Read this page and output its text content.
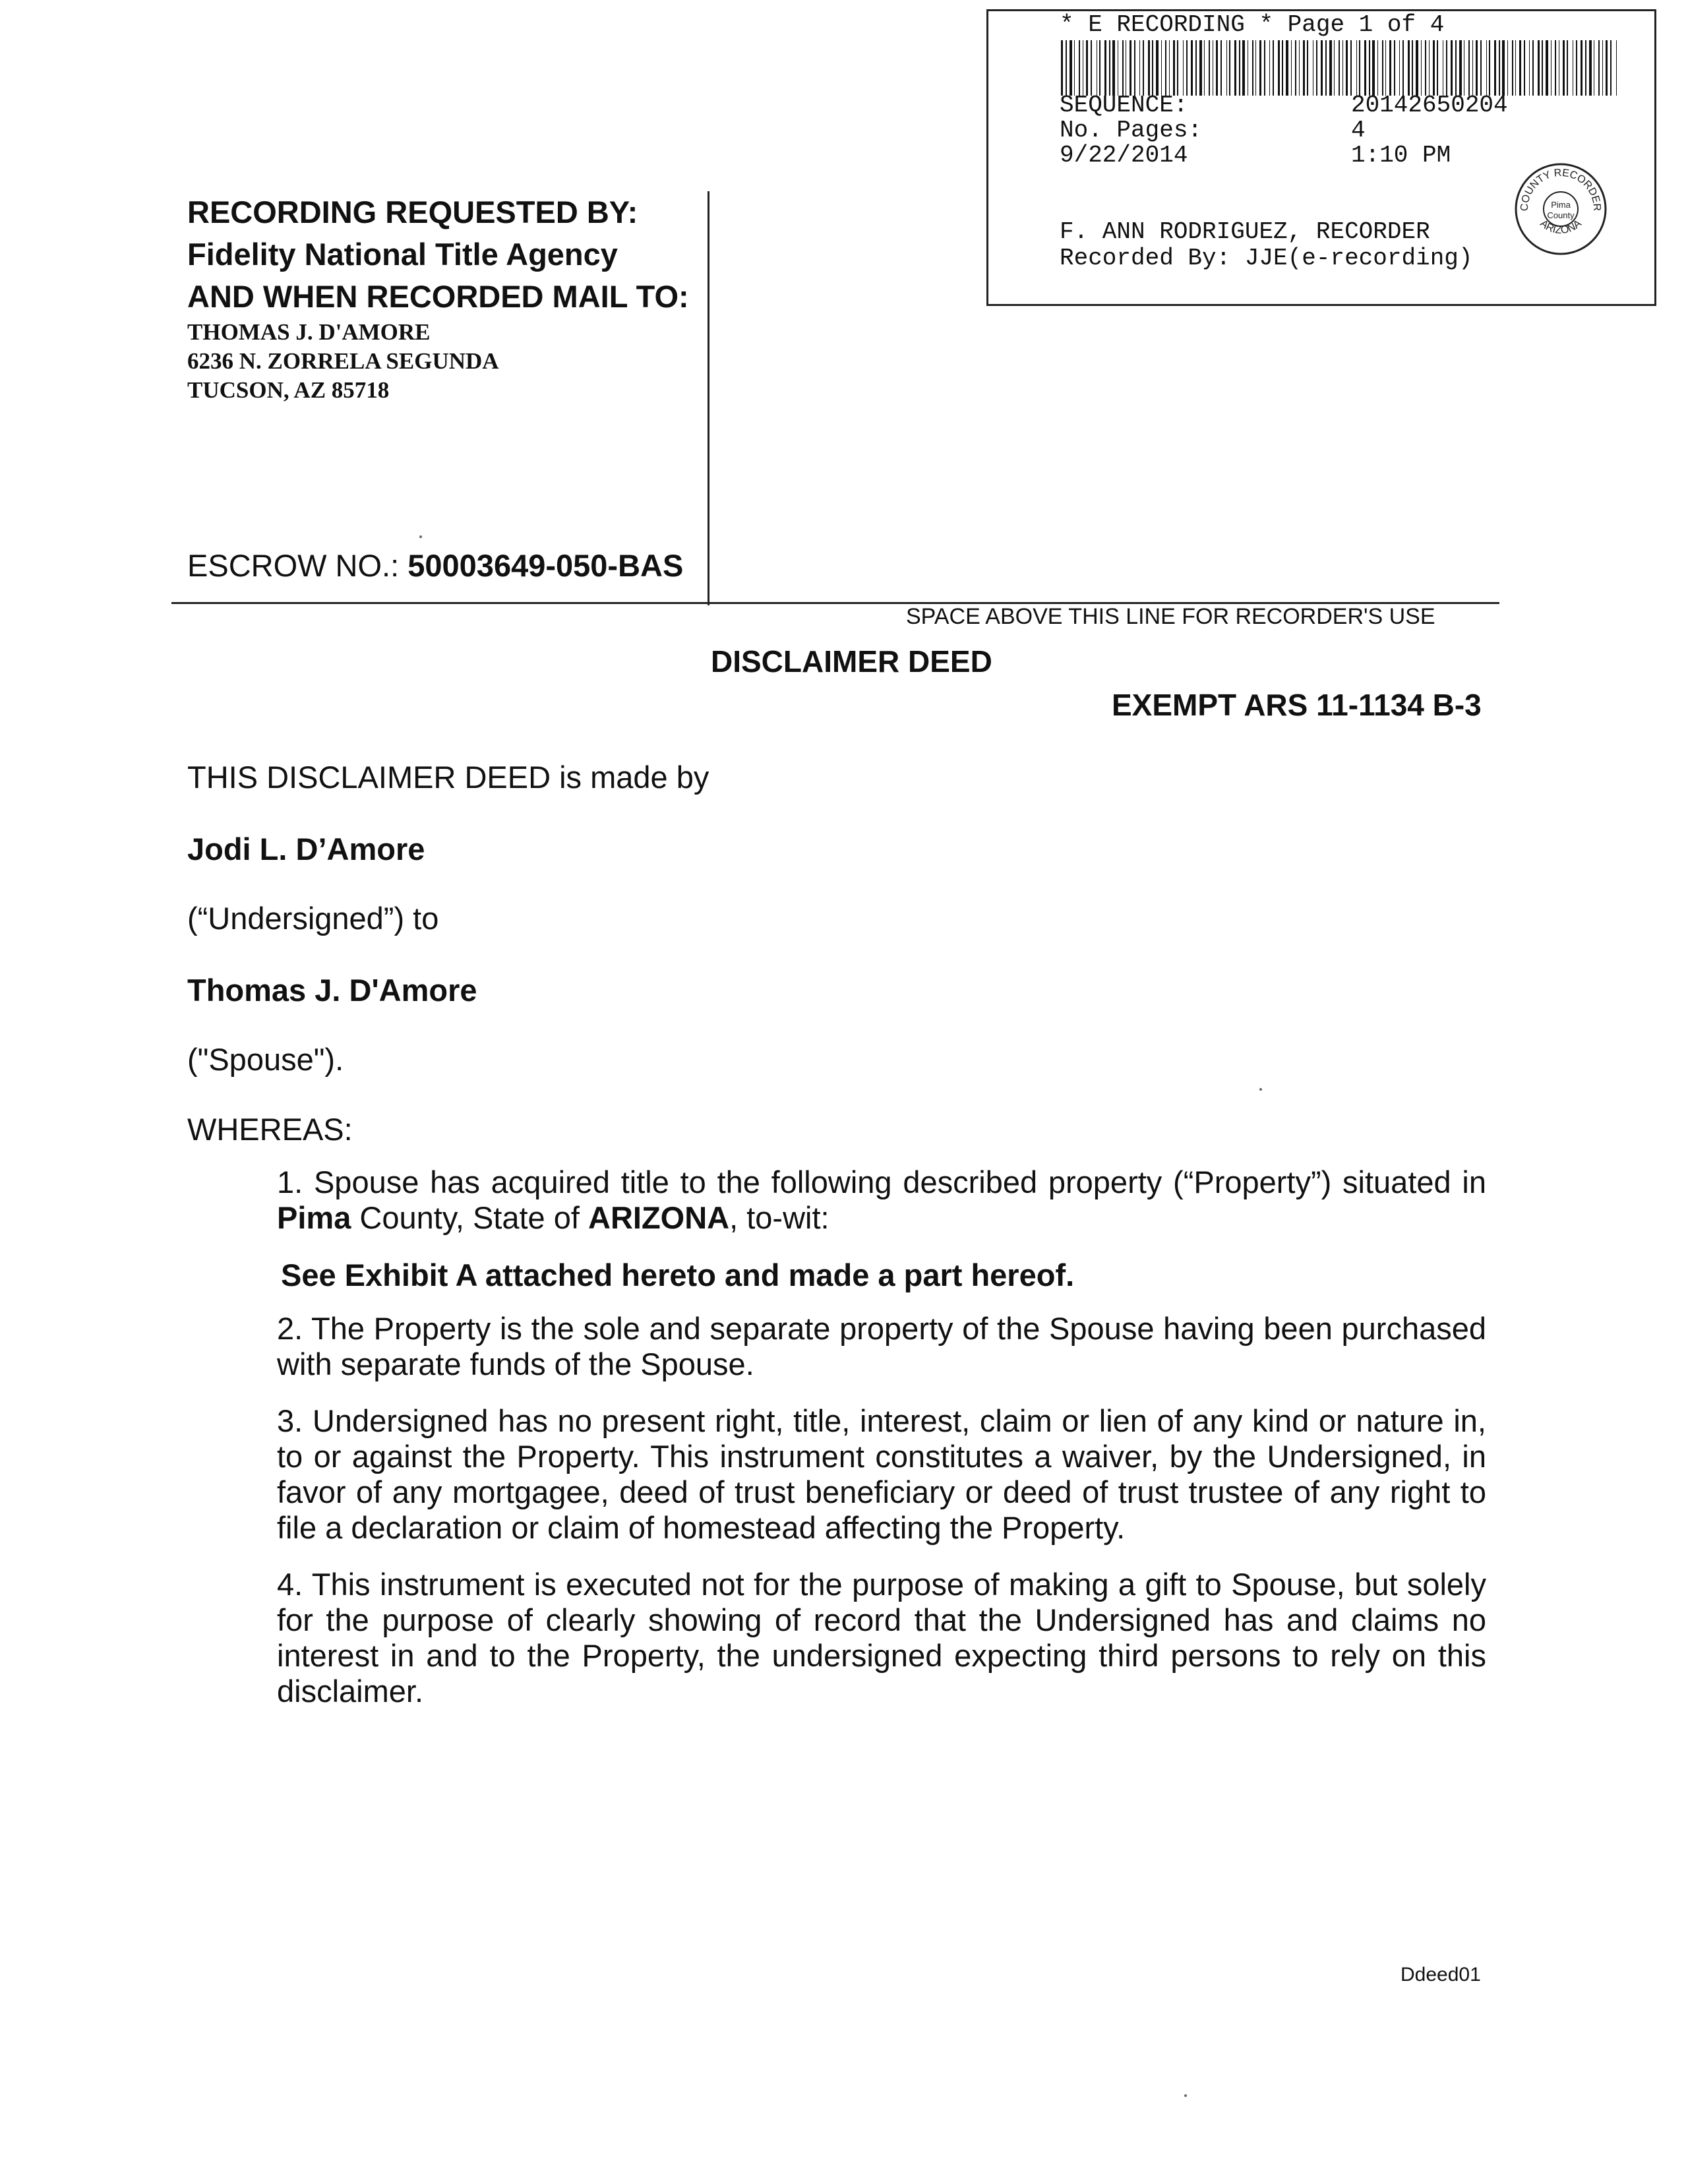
* E RECORDING * Page 1 of 4
SEQUENCE:	20142650204
No. Pages:	4
9/22/2014	1:10 PM
F. ANN RODRIGUEZ, RECORDER
Recorded By: JJE(e-recording)
COUNTY RECORDER
ARIZONA
Pima
County
RECORDING REQUESTED BY:
Fidelity National Title Agency
AND WHEN RECORDED MAIL TO:
THOMAS J. D'AMORE
6236 N. ZORRELA SEGUNDA
TUCSON, AZ 85718
ESCROW NO.: 50003649-050-BAS
SPACE ABOVE THIS LINE FOR RECORDER'S USE
DISCLAIMER DEED
EXEMPT ARS 11-1134 B-3
THIS DISCLAIMER DEED is made by
Jodi L. D’Amore
(“Undersigned”) to
Thomas J. D'Amore
("Spouse").
WHEREAS:
1. Spouse has acquired title to the following described property (“Property”) situated in Pima County, State of ARIZONA, to-wit:
See Exhibit A attached hereto and made a part hereof.
2. The Property is the sole and separate property of the Spouse having been purchased with separate funds of the Spouse.
3. Undersigned has no present right, title, interest, claim or lien of any kind or nature in, to or against the Property. This instrument constitutes a waiver, by the Undersigned, in favor of any mortgagee, deed of trust beneficiary or deed of trust trustee of any right to file a declaration or claim of homestead affecting the Property.
4. This instrument is executed not for the purpose of making a gift to Spouse, but solely for the purpose of clearly showing of record that the Undersigned has and claims no interest in and to the Property, the undersigned expecting third persons to rely on this disclaimer.
Ddeed01
